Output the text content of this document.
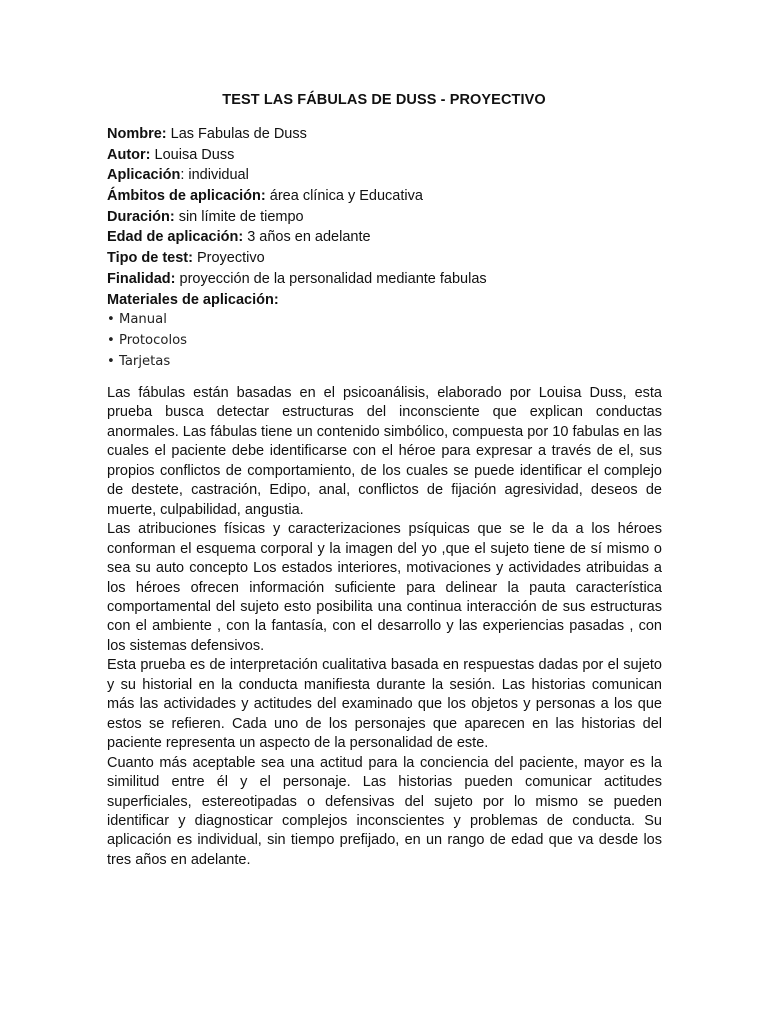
TEST LAS FÁBULAS DE DUSS - PROYECTIVO
Nombre: Las Fabulas de Duss
Autor: Louisa Duss
Aplicación: individual
Ámbitos de aplicación: área clínica y Educativa
Duración: sin límite de tiempo
Edad de aplicación: 3 años en adelante
Tipo de test: Proyectivo
Finalidad: proyección de la personalidad mediante fabulas
Materiales de aplicación:
• Manual
• Protocolos
• Tarjetas

Las fábulas están basadas en el psicoanálisis, elaborado por Louisa Duss, esta prueba busca detectar estructuras del inconsciente que explican conductas anormales. Las fábulas tiene un contenido simbólico, compuesta por 10 fabulas en las cuales el paciente debe identificarse con el héroe para expresar a través de el, sus propios conflictos de comportamiento, de los cuales se puede identificar el complejo de destete, castración, Edipo, anal, conflictos de fijación agresividad, deseos de muerte, culpabilidad, angustia.

Las atribuciones físicas y caracterizaciones psíquicas que se le da a los héroes conforman el esquema corporal y la imagen del yo ,que el sujeto tiene de sí mismo o sea su auto concepto Los estados interiores, motivaciones y actividades atribuidas a los héroes ofrecen información suficiente para delinear la pauta característica comportamental del sujeto esto posibilita una continua interacción de sus estructuras con el ambiente , con la fantasía, con el desarrollo y las experiencias pasadas , con los sistemas defensivos.

Esta prueba es de interpretación cualitativa basada en respuestas dadas por el sujeto y su historial en la conducta manifiesta durante la sesión. Las historias comunican más las actividades y actitudes del examinado que los objetos y personas a los que estos se refieren. Cada uno de los personajes que aparecen en las historias del paciente representa un aspecto de la personalidad de este.

Cuanto más aceptable sea una actitud para la conciencia del paciente, mayor es la similitud entre él y el personaje. Las historias pueden comunicar actitudes superficiales, estereotipadas o defensivas del sujeto por lo mismo se pueden identificar y diagnosticar complejos inconscientes y problemas de conducta. Su aplicación es individual, sin tiempo prefijado, en un rango de edad que va desde los tres años en adelante.
